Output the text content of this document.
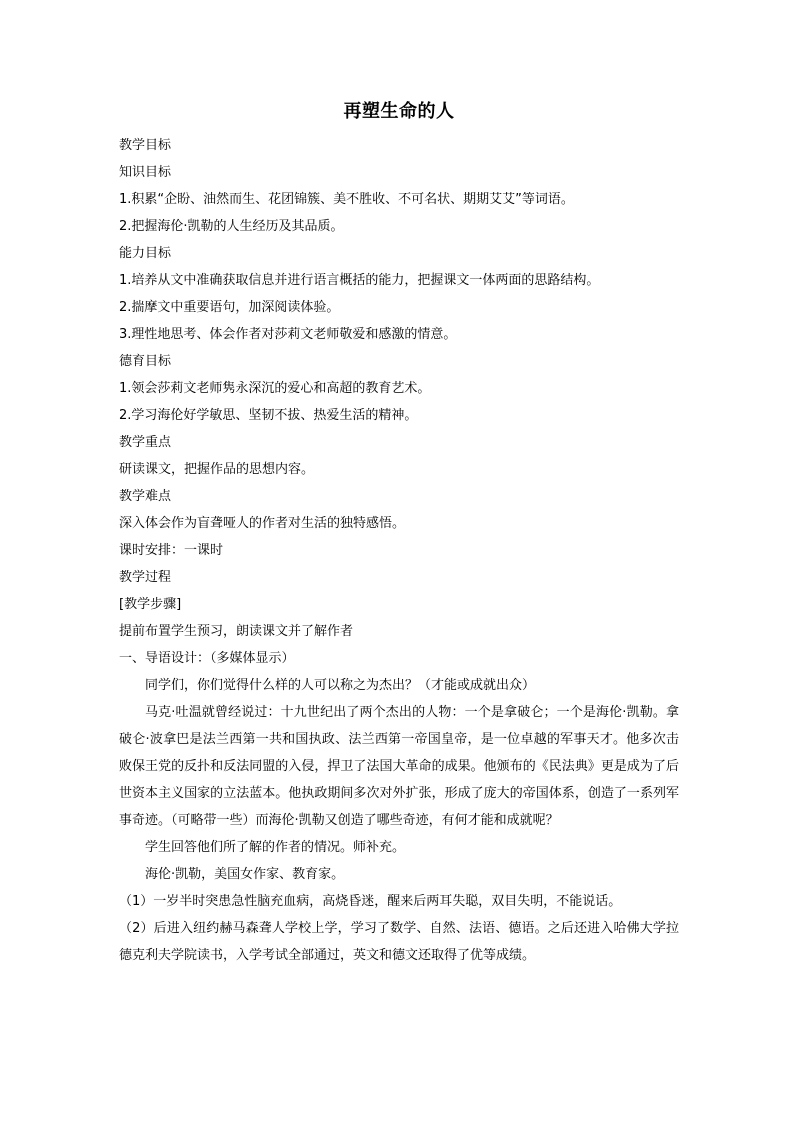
再塑生命的人

教学目标

知识目标

1.积累“企盼、油然而生、花团锦簇、美不胜收、不可名状、期期艾艾”等词语。

2.把握海伦·凯勒的人生经历及其品质。

能力目标

1.培养从文中准确获取信息并进行语言概括的能力，把握课文一体两面的思路结构。

2.揣摩文中重要语句，加深阅读体验。

3.理性地思考、体会作者对莎莉文老师敬爱和感激的情意。

德育目标

1.领会莎莉文老师隽永深沉的爱心和高超的教育艺术。

2.学习海伦好学敏思、坚韧不拔、热爱生活的精神。

教学重点

研读课文，把握作品的思想内容。

教学难点

深入体会作为盲聋哑人的作者对生活的独特感悟。

课时安排：一课时

教学过程

[教学步骤]

提前布置学生预习，朗读课文并了解作者

一、导语设计：（多媒体显示）

同学们，你们觉得什么样的人可以称之为杰出？（才能或成就出众）

马克·吐温就曾经说过：十九世纪出了两个杰出的人物：一个是拿破仑；一个是海伦·凯勒。拿破仑·波拿巴是法兰西第一共和国执政、法兰西第一帝国皇帝，是一位卓越的军事天才。他多次击败保王党的反扑和反法同盟的入侵，捍卫了法国大革命的成果。他颁布的《民法典》更是成为了后世资本主义国家的立法蓝本。他执政期间多次对外扩张，形成了庞大的帝国体系，创造了一系列军事奇迹。（可略带一些）而海伦·凯勒又创造了哪些奇迹，有何才能和成就呢？

学生回答他们所了解的作者的情况。师补充。

海伦·凯勒，美国女作家、教育家。

（1）一岁半时突患急性脑充血病，高烧昏迷，醒来后两耳失聪，双目失明，不能说话。

（2）后进入纽约赫马森聋人学校上学，学习了数学、自然、法语、德语。之后还进入哈佛大学拉德克利夫学院读书，入学考试全部通过，英文和德文还取得了优等成绩。
